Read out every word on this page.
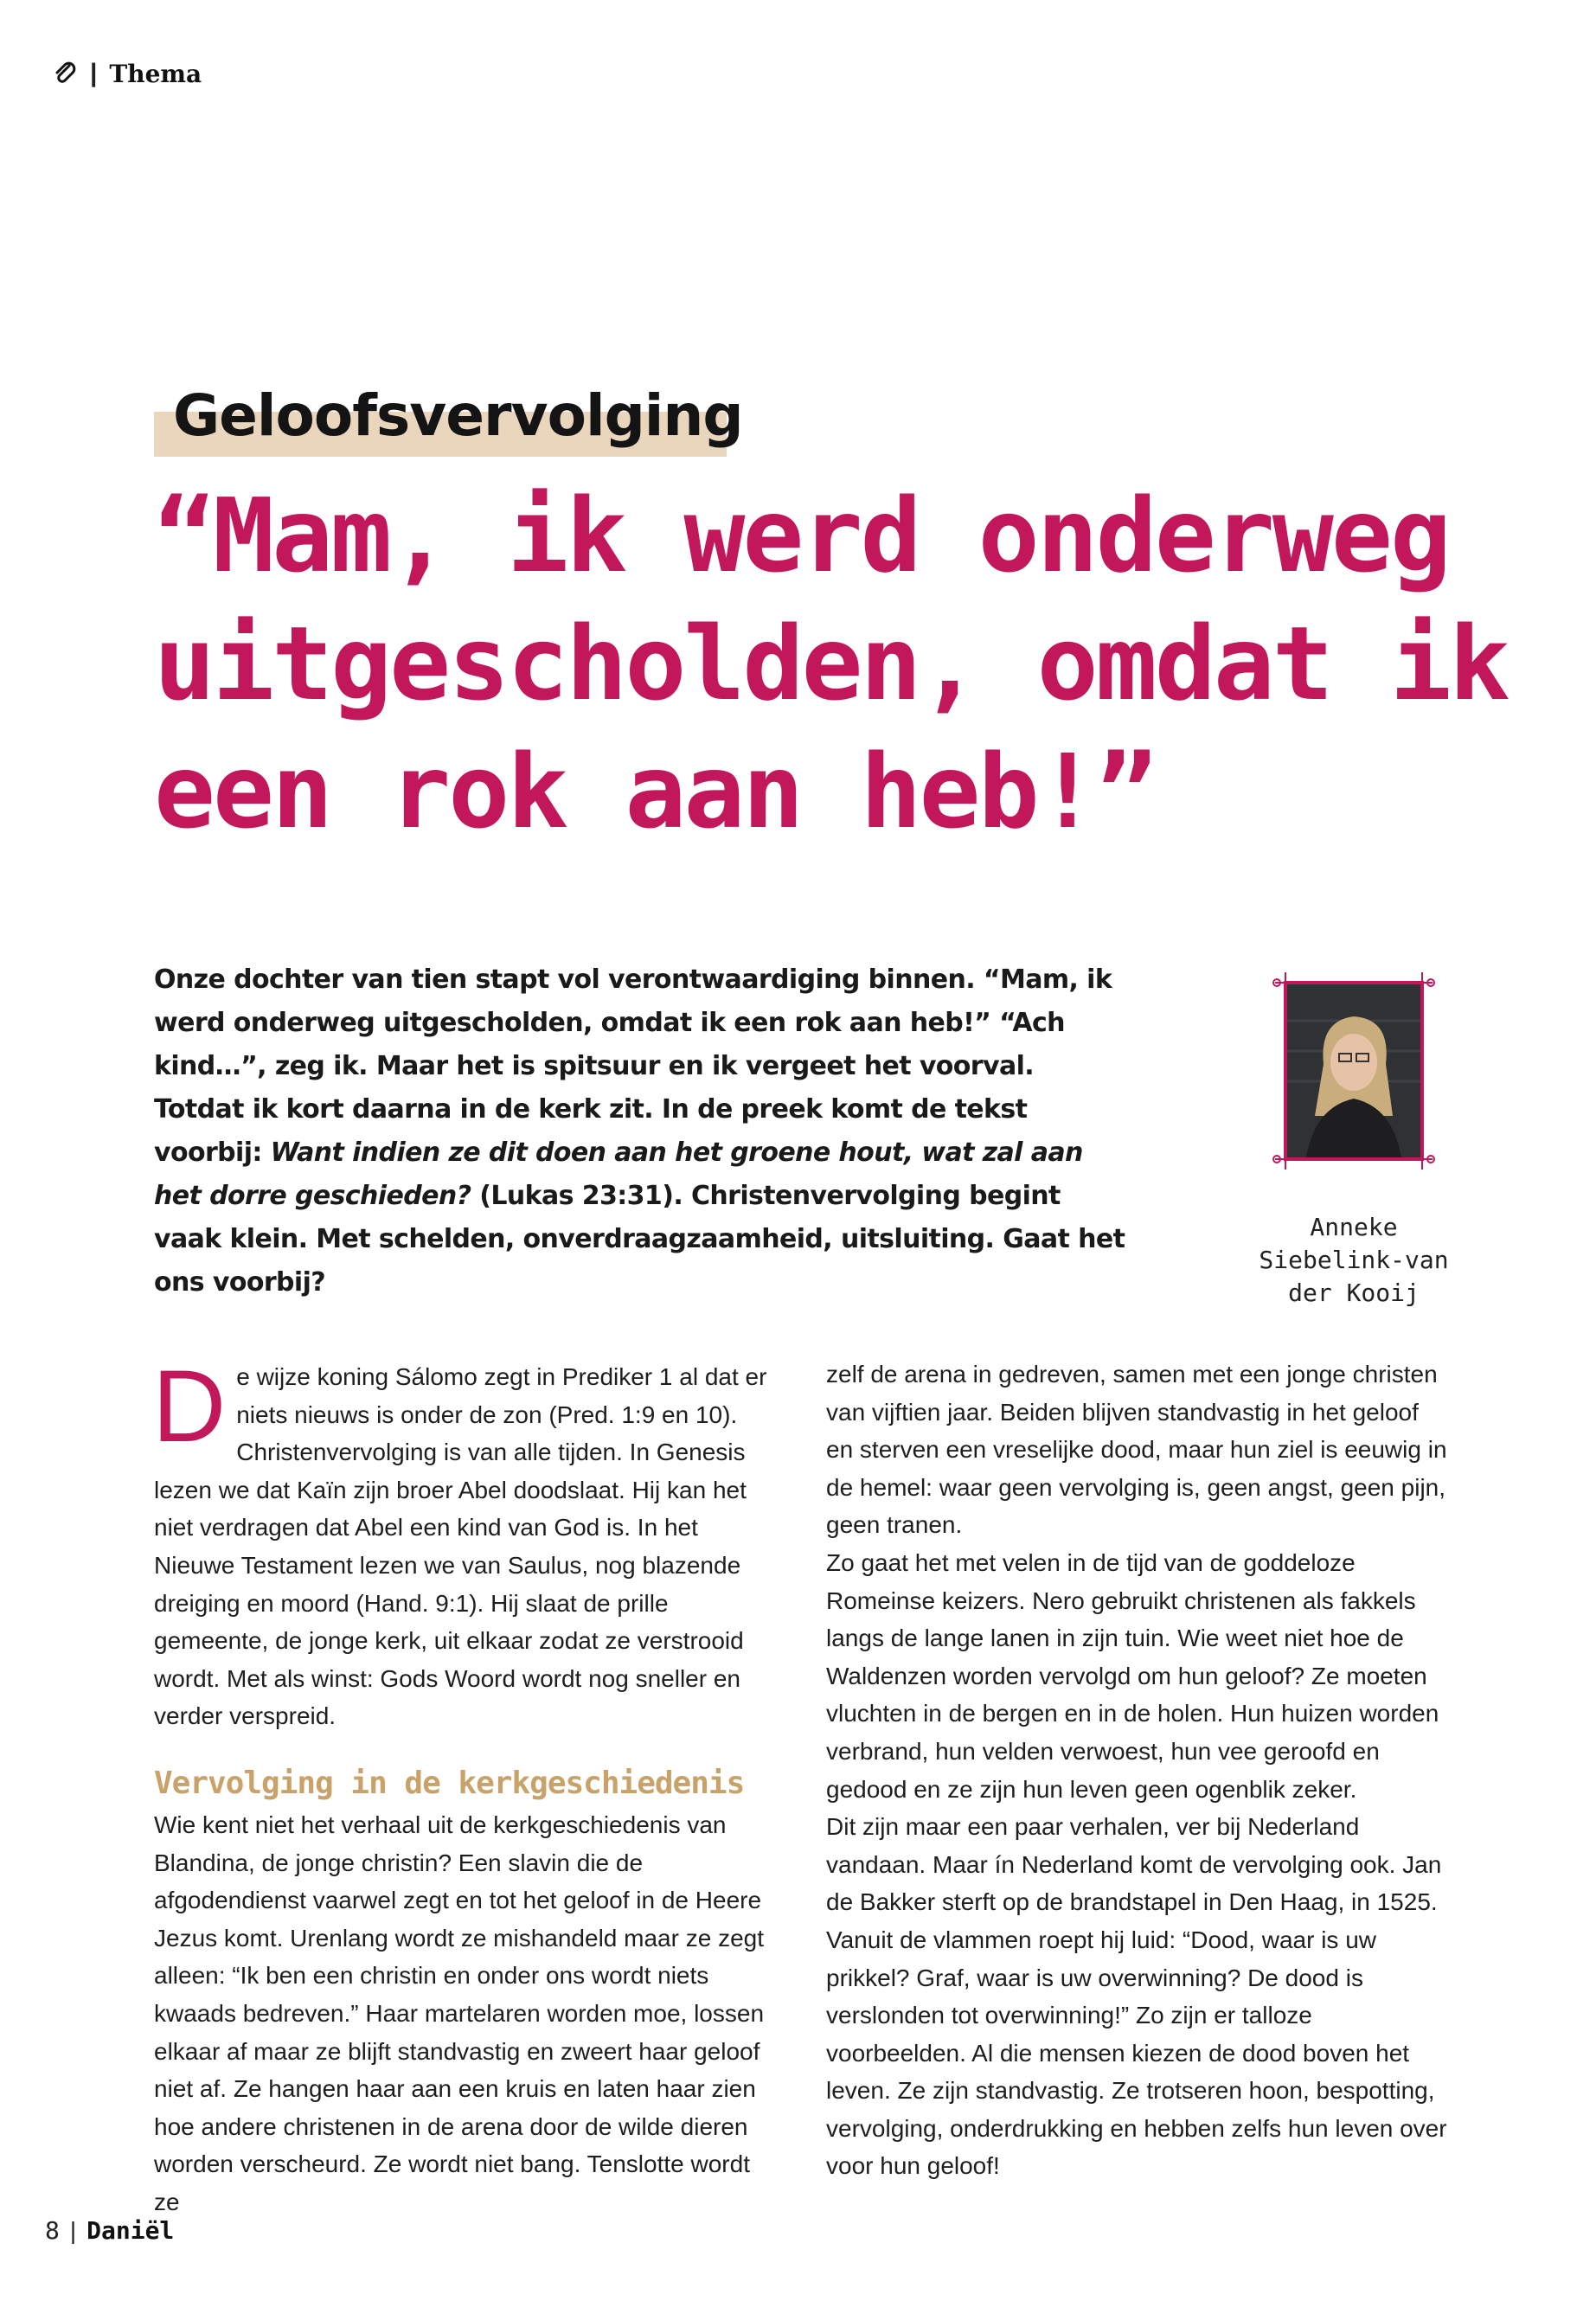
| Thema
Geloofsvervolging
“Mam, ik werd onderweg
uitgescholden, omdat ik
een rok aan heb!”
Onze dochter van tien stapt vol verontwaardiging binnen. “Mam, ik werd onderweg uitgescholden, omdat ik een rok aan heb!” “Ach kind…”, zeg ik. Maar het is spitsuur en ik vergeet het voorval. Totdat ik kort daarna in de kerk zit. In de preek komt de tekst voorbij: Want indien ze dit doen aan het groene hout, wat zal aan het dorre geschieden? (Lukas 23:31). Christenvervolging begint vaak klein. Met schelden, onverdraagzaamheid, uitsluiting. Gaat het ons voorbij?
Anneke Siebelink-van der Kooij

De wijze koning Sálomo zegt in Prediker 1 al dat er niets nieuws is onder de zon (Pred. 1:9 en 10). Christenvervolging is van alle tijden. In Genesis lezen we dat Kaïn zijn broer Abel doodslaat. Hij kan het niet verdragen dat Abel een kind van God is. In het Nieuwe Testament lezen we van Saulus, nog blazende dreiging en moord (Hand. 9:1). Hij slaat de prille gemeente, de jonge kerk, uit elkaar zodat ze verstrooid wordt. Met als winst: Gods Woord wordt nog sneller en verder verspreid.

Vervolging in de kerkgeschiedenis

Wie kent niet het verhaal uit de kerkgeschiedenis van Blandina, de jonge christin? Een slavin die de afgodendienst vaarwel zegt en tot het geloof in de Heere Jezus komt. Urenlang wordt ze mishandeld maar ze zegt alleen: “Ik ben een christin en onder ons wordt niets kwaads bedreven.” Haar martelaren worden moe, lossen elkaar af maar ze blijft standvastig en zweert haar geloof niet af. Ze hangen haar aan een kruis en laten haar zien hoe andere christenen in de arena door de wilde dieren worden verscheurd. Ze wordt niet bang. Tenslotte wordt ze

zelf de arena in gedreven, samen met een jonge christen van vijftien jaar. Beiden blijven standvastig in het geloof en sterven een vreselijke dood, maar hun ziel is eeuwig in de hemel: waar geen vervolging is, geen angst, geen pijn, geen tranen.

Zo gaat het met velen in de tijd van de goddeloze Romeinse keizers. Nero gebruikt christenen als fakkels langs de lange lanen in zijn tuin. Wie weet niet hoe de Waldenzen worden vervolgd om hun geloof? Ze moeten vluchten in de bergen en in de holen. Hun huizen worden verbrand, hun velden verwoest, hun vee geroofd en gedood en ze zijn hun leven geen ogenblik zeker.

Dit zijn maar een paar verhalen, ver bij Nederland vandaan. Maar ín Nederland komt de vervolging ook. Jan de Bakker sterft op de brandstapel in Den Haag, in 1525. Vanuit de vlammen roept hij luid: “Dood, waar is uw prikkel? Graf, waar is uw overwinning? De dood is verslonden tot overwinning!” Zo zijn er talloze voorbeelden. Al die mensen kiezen de dood boven het leven. Ze zijn standvastig. Ze trotseren hoon, bespotting, vervolging, onderdrukking en hebben zelfs hun leven over voor hun geloof!

8 | Daniël
